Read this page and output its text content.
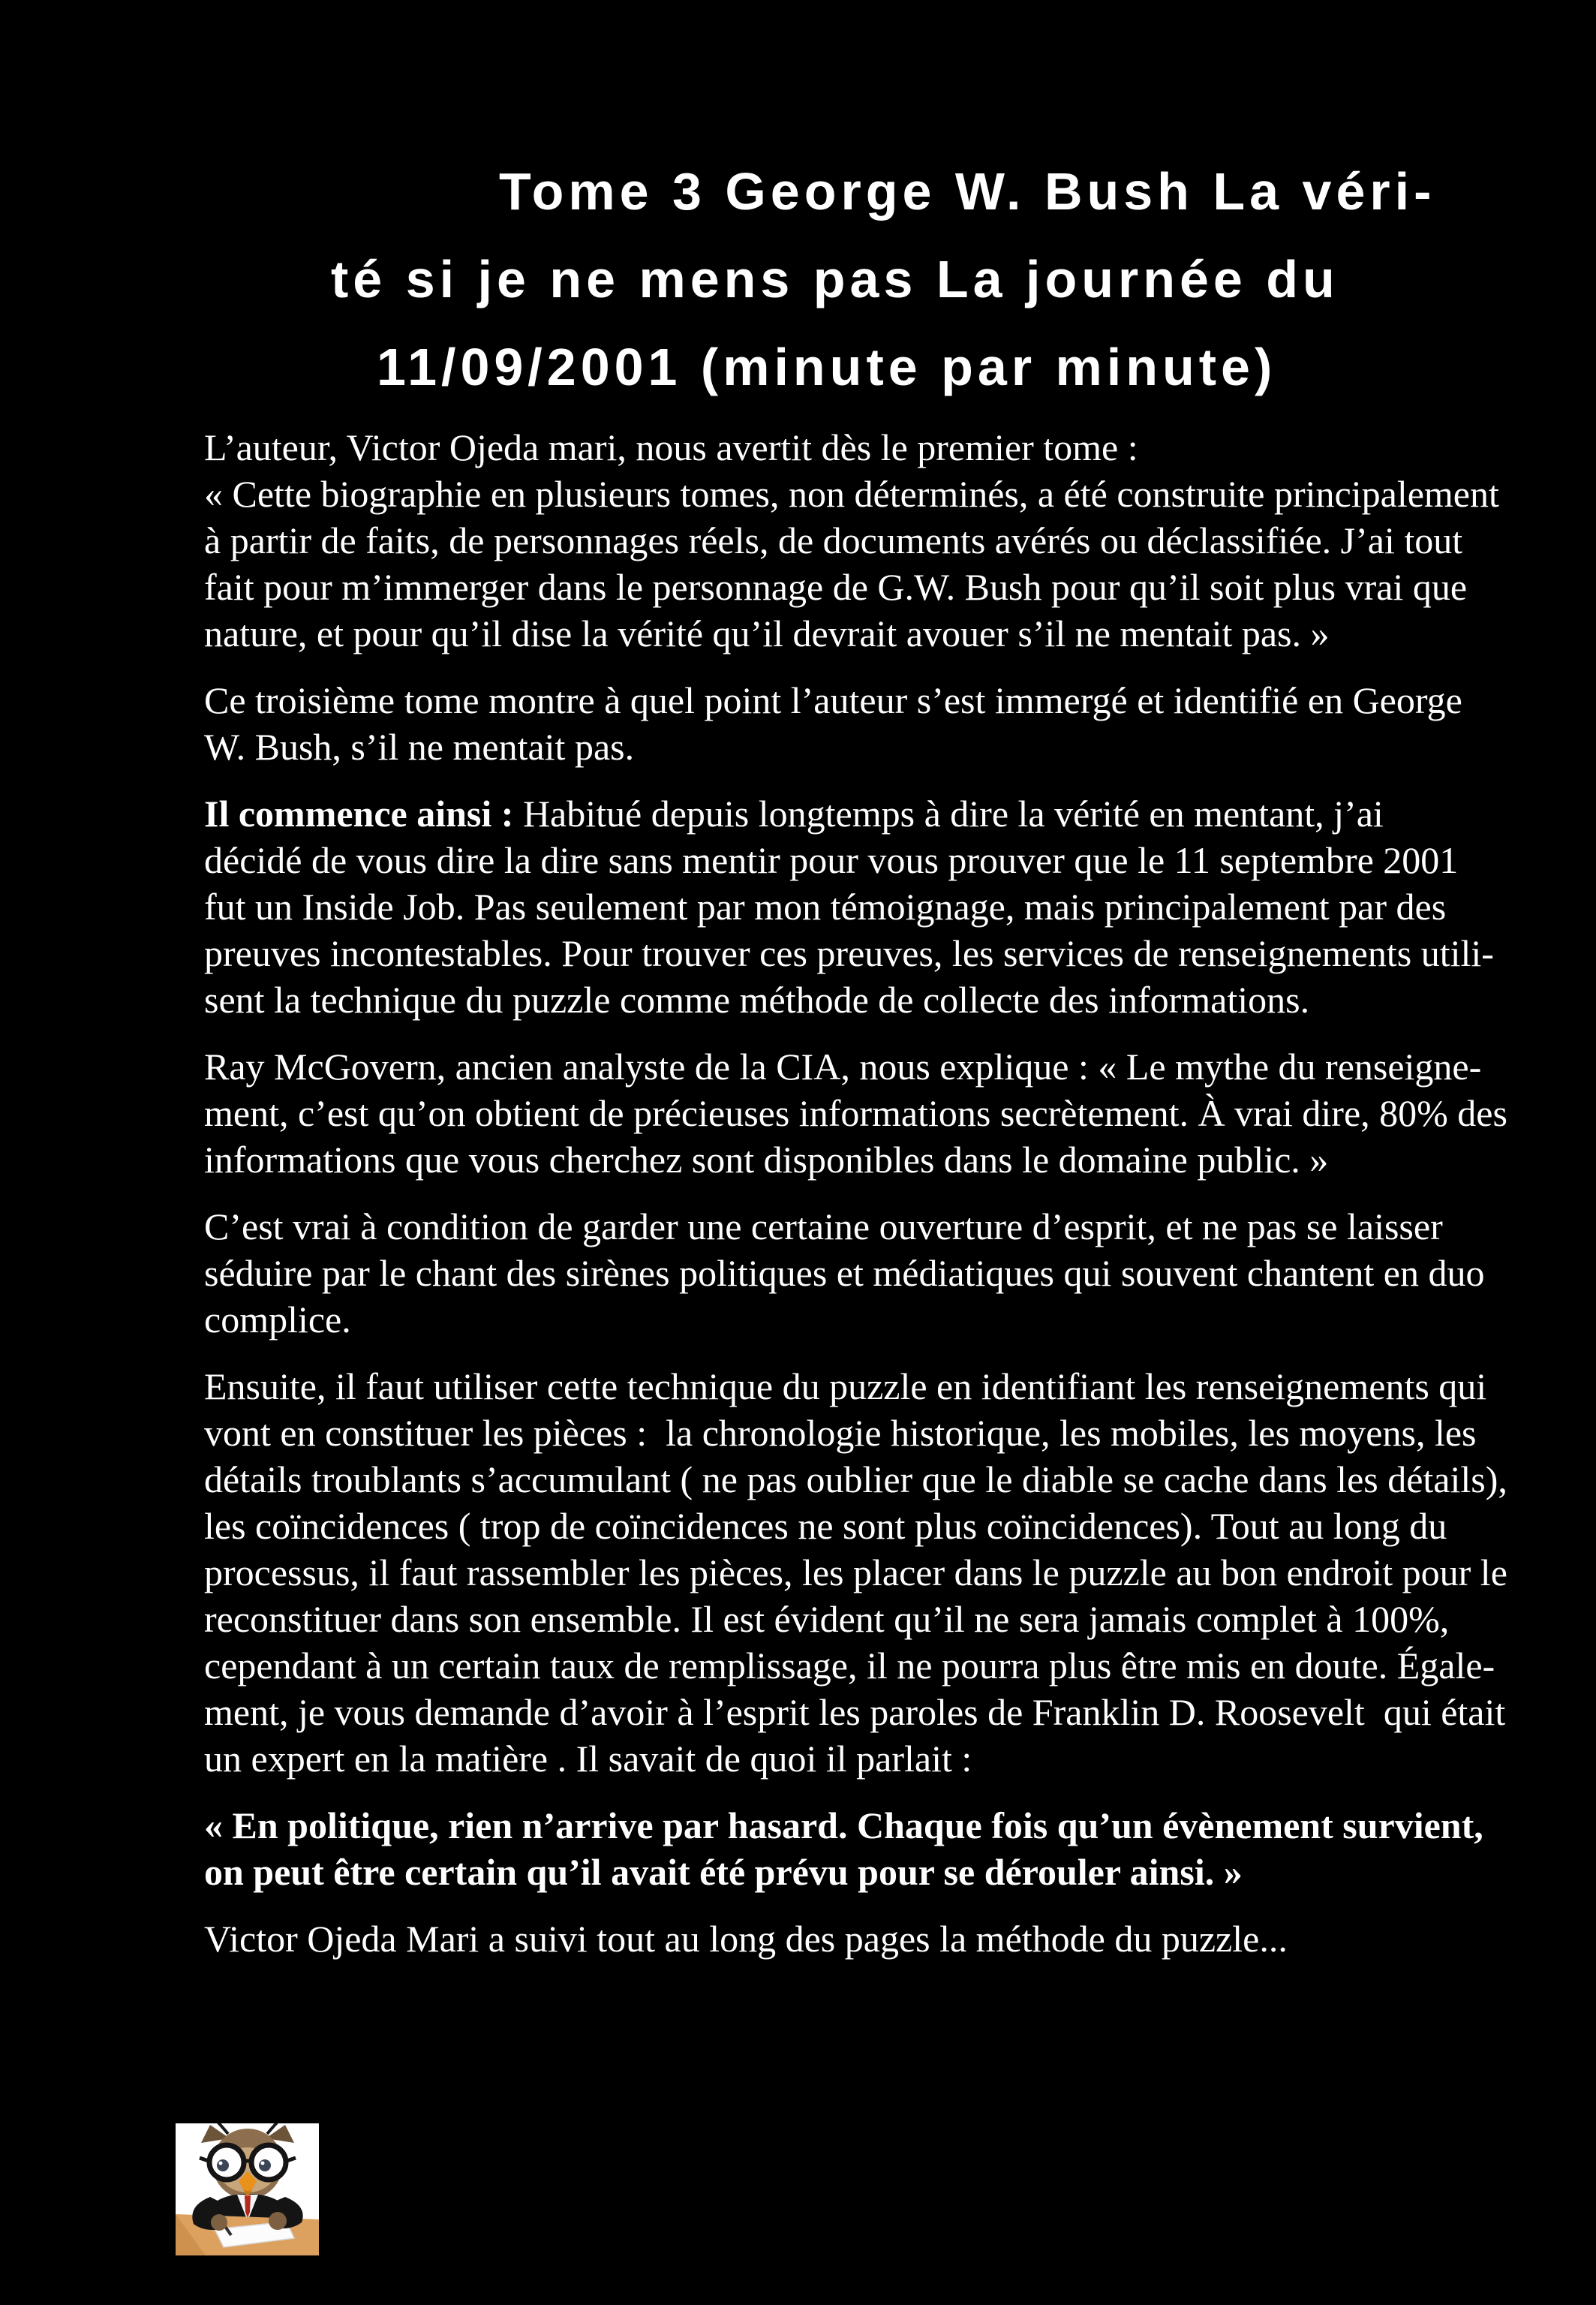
Tome 3 George W. Bush La véri-
té si je ne mens pas La journée du
11/09/2001 (minute par minute)
L’auteur, Victor Ojeda mari, nous avertit dès le premier tome :
« Cette biographie en plusieurs tomes, non déterminés, a été construite principalement
à partir de faits, de personnages réels, de documents avérés ou déclassifiée. J’ai tout
fait pour m’immerger dans le personnage de G.W. Bush pour qu’il soit plus vrai que
nature, et pour qu’il dise la vérité qu’il devrait avouer s’il ne mentait pas. »
Ce troisième tome montre à quel point l’auteur s’est immergé et identifié en George
W. Bush, s’il ne mentait pas.
Il commence ainsi : Habitué depuis longtemps à dire la vérité en mentant, j’ai
décidé de vous dire la dire sans mentir pour vous prouver que le 11 septembre 2001
fut un Inside Job. Pas seulement par mon témoignage, mais principalement par des
preuves incontestables. Pour trouver ces preuves, les services de renseignements utili-
sent la technique du puzzle comme méthode de collecte des informations.
Ray McGovern, ancien analyste de la CIA, nous explique : « Le mythe du renseigne-
ment, c’est qu’on obtient de précieuses informations secrètement. À vrai dire, 80% des
informations que vous cherchez sont disponibles dans le domaine public. »
C’est vrai à condition de garder une certaine ouverture d’esprit, et ne pas se laisser
séduire par le chant des sirènes politiques et médiatiques qui souvent chantent en duo
complice.
Ensuite, il faut utiliser cette technique du puzzle en identifiant les renseignements qui
vont en constituer les pièces :  la chronologie historique, les mobiles, les moyens, les
détails troublants s’accumulant ( ne pas oublier que le diable se cache dans les détails),
les coïncidences ( trop de coïncidences ne sont plus coïncidences). Tout au long du
processus, il faut rassembler les pièces, les placer dans le puzzle au bon endroit pour le
reconstituer dans son ensemble. Il est évident qu’il ne sera jamais complet à 100%,
cependant à un certain taux de remplissage, il ne pourra plus être mis en doute. Égale-
ment, je vous demande d’avoir à l’esprit les paroles de Franklin D. Roosevelt  qui était
un expert en la matière . Il savait de quoi il parlait :
« En politique, rien n’arrive par hasard. Chaque fois qu’un évènement survient,
on peut être certain qu’il avait été prévu pour se dérouler ainsi. »
Victor Ojeda Mari a suivi tout au long des pages la méthode du puzzle...
